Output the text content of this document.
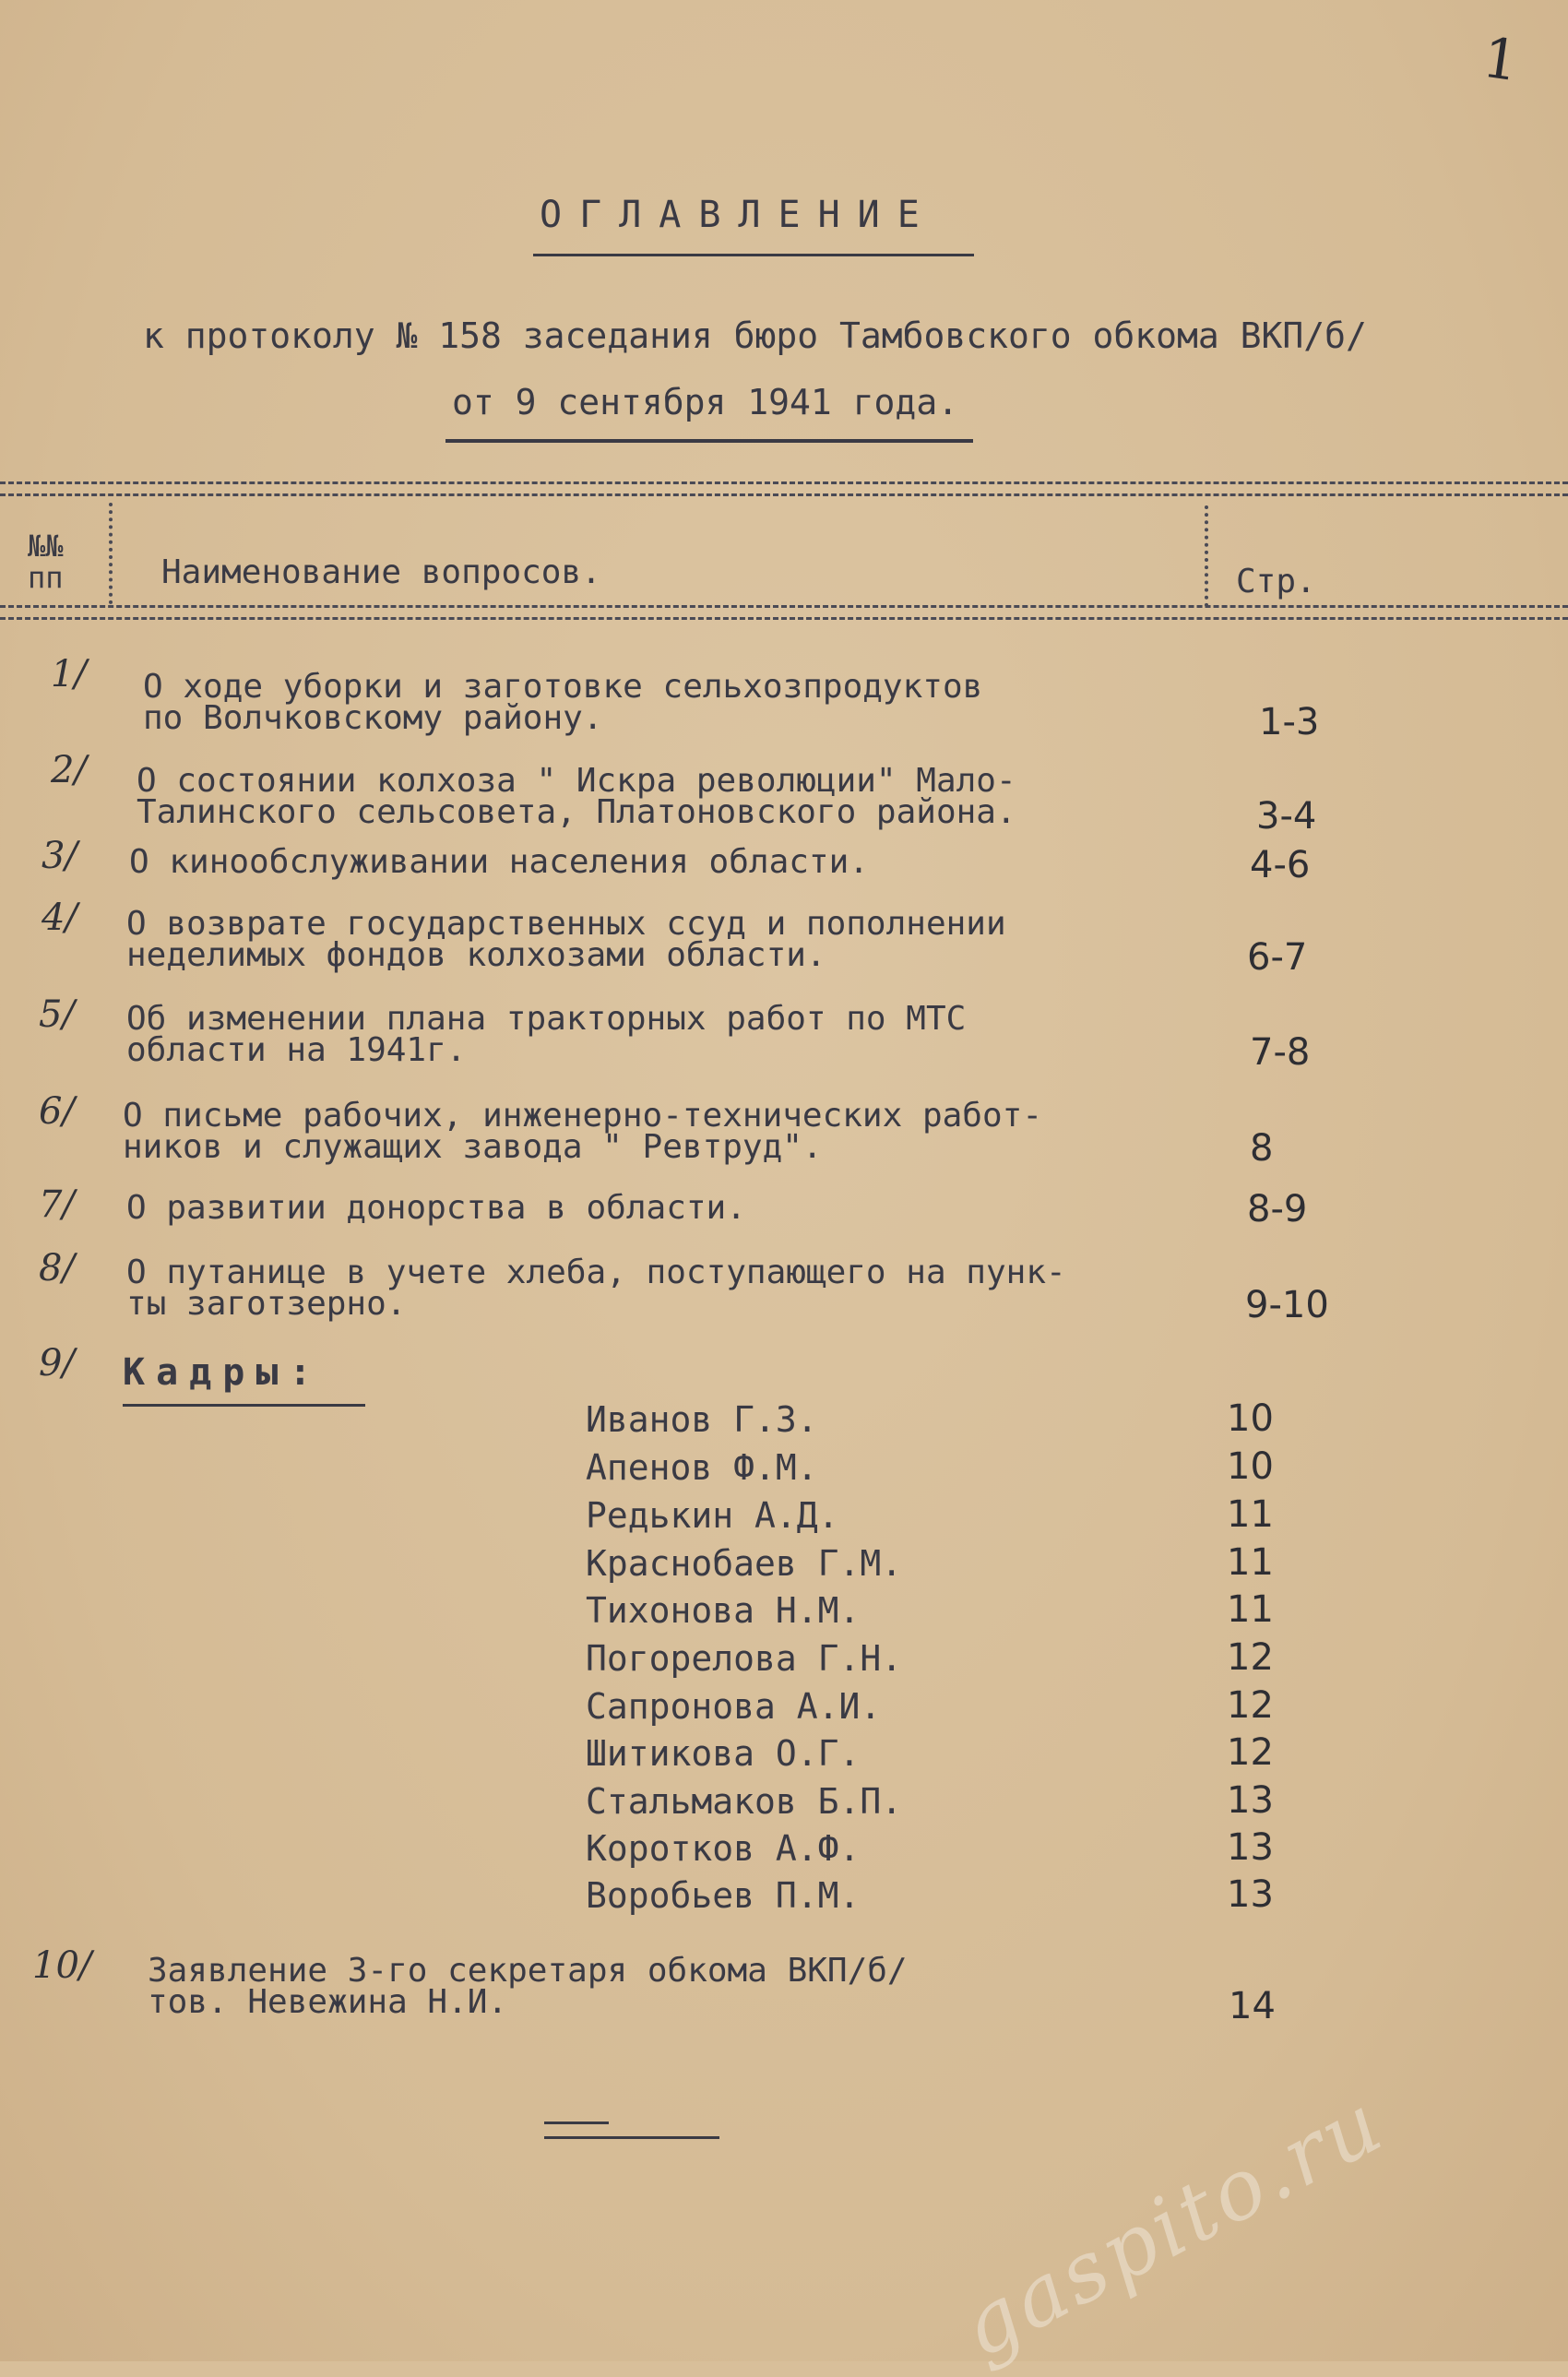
1
ОГЛАВЛЕНИЕ
к протоколу № 158 заседания бюро Тамбовского обкома ВКП/б/
от 9 сентября 1941 года.
№№
пп	Наименование вопросов.	Стр.
1/ О ходе уборки и заготовке сельхозпродуктов
по Волчковскому району.	1-3
2/ О состоянии колхоза " Искра революции" Мало-
Талинского сельсовета, Платоновского района.	3-4
3/ О кинообслуживании населения области.	4-6
4/ О возврате государственных ссуд и пополнении
неделимых фондов колхозами области.	6-7
5/ Об изменении плана тракторных работ по МТС
области на 1941г.	7-8
6/ О письме рабочих, инженерно-технических работ-
ников и служащих завода " Ревтруд".	8
7/ О развитии донорства в области.	8-9
8/ О путанице в учете хлеба, поступающего на пунк-
ты заготзерно.	9-10
9/ Кадры:
Иванов Г.З.	10
Апенов Ф.М.	10
Редькин А.Д.	11
Краснобаев Г.М.	11
Тихонова Н.М.	11
Погорелова Г.Н.	12
Сапронова А.И.	12
Шитикова О.Г.	12
Стальмаков Б.П.	13
Коротков А.Ф.	13
Воробьев П.М.	13
10/ Заявление 3-го секретаря обкома ВКП/б/
тов. Невежина Н.И.	14
gaspito.ru
